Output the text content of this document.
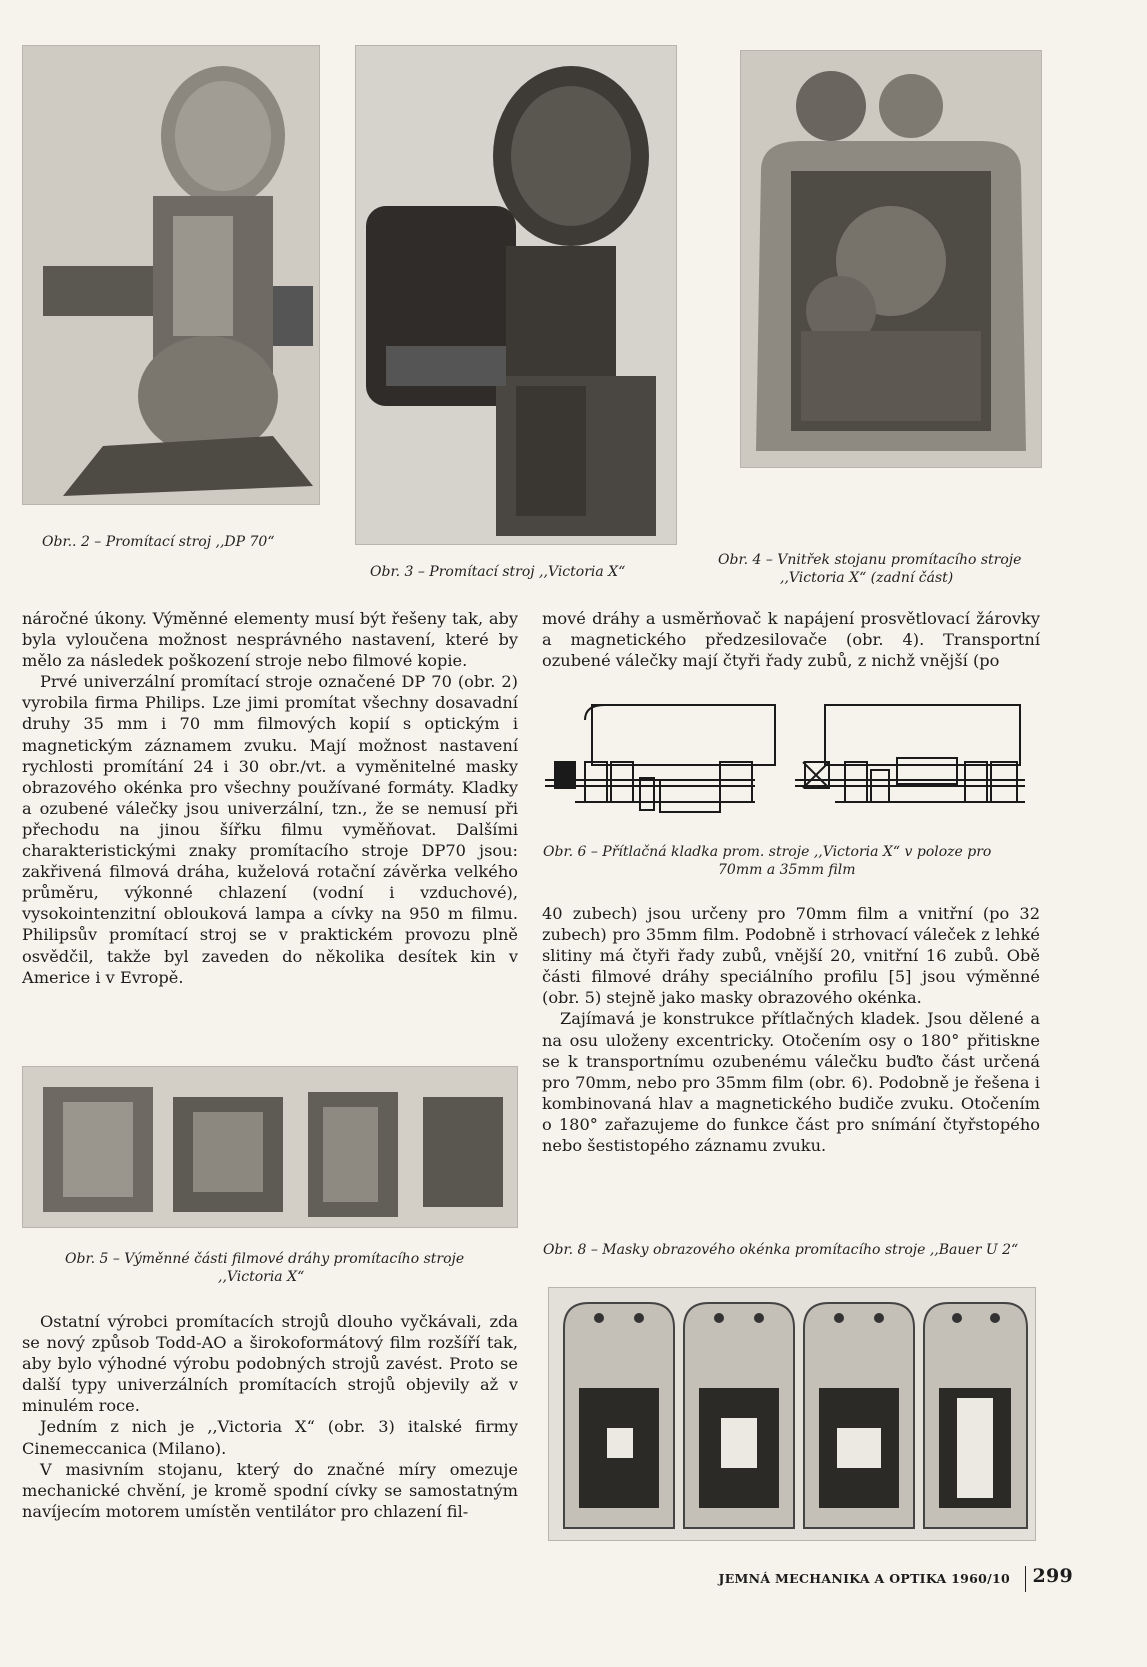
Obr.. 2 – Promítací stroj ,,DP 70“
Obr. 3 – Promítací stroj ,,Victoria X“
Obr. 4 – Vnitřek stojanu promítacího stroje
,,Victoria X“ (zadní část)

náročné úkony. Výměnné elementy musí být řešeny tak, aby byla vyloučena možnost nesprávného nastavení, které by mělo za následek poškození stroje nebo filmové kopie.

Prvé univerzální promítací stroje označené DP 70 (obr. 2) vyrobila firma Philips. Lze jimi promítat všechny dosavadní druhy 35 mm i 70 mm filmových kopií s optickým i magnetickým záznamem zvuku. Mají možnost nastavení rychlosti promítání 24 i 30 obr./vt. a vyměnitelné masky obrazového okénka pro všechny používané formáty. Kladky a ozubené válečky jsou univerzální, tzn., že se nemusí při přechodu na jinou šířku filmu vyměňovat. Dalšími charakteristickými znaky promítacího stroje DP70 jsou: zakřivená filmová dráha, kuželová rotační závěrka velkého průměru, výkonné chlazení (vodní i vzduchové), vysokointenzitní oblouková lampa a cívky na 950 m filmu. Philipsův promítací stroj se v praktickém provozu plně osvědčil, takže byl zaveden do několika desítek kin v Americe i v Evropě.

Obr. 5 – Výměnné části filmové dráhy promítacího stroje
,,Victoria X“

Ostatní výrobci promítacích strojů dlouho vyčkávali, zda se nový způsob Todd-AO a širokoformátový film rozšíří tak, aby bylo výhodné výrobu podobných strojů zavést. Proto se další typy univerzálních promítacích strojů objevily až v minulém roce.

Jedním z nich je ,,Victoria X“ (obr. 3) italské firmy Cinemeccanica (Milano).

V masivním stojanu, který do značné míry omezuje mechanické chvění, je kromě spodní cívky se samostatným navíjecím motorem umístěn ventilátor pro chlazení fil-

mové dráhy a usměrňovač k napájení prosvětlovací žárovky a magnetického předzesilovače (obr. 4). Transportní ozubené válečky mají čtyři řady zubů, z nichž vnější (po

Obr. 6 – Přítlačná kladka prom. stroje ,,Victoria X“ v poloze pro
70mm a 35mm film

40 zubech) jsou určeny pro 70mm film a vnitřní (po 32 zubech) pro 35mm film. Podobně i strhovací váleček z lehké slitiny má čtyři řady zubů, vnější 20, vnitřní 16 zubů. Obě části filmové dráhy speciálního profilu [5] jsou výměnné (obr. 5) stejně jako masky obrazového okénka.

Zajímavá je konstrukce přítlačných kladek. Jsou dělené a na osu uloženy excentricky. Otočením osy o 180° přitiskne se k transportnímu ozubenému válečku buďto část určená pro 70mm, nebo pro 35mm film (obr. 6). Podobně je řešena i kombinovaná hlav a magnetického budiče zvuku. Otočením o 180° zařazujeme do funkce část pro snímání čtyřstopého nebo šestistopého záznamu zvuku.

Obr. 8 – Masky obrazového okénka promítacího stroje ,,Bauer U 2“
JEMNÁ MECHANIKA A OPTIKA 1960/10 299
